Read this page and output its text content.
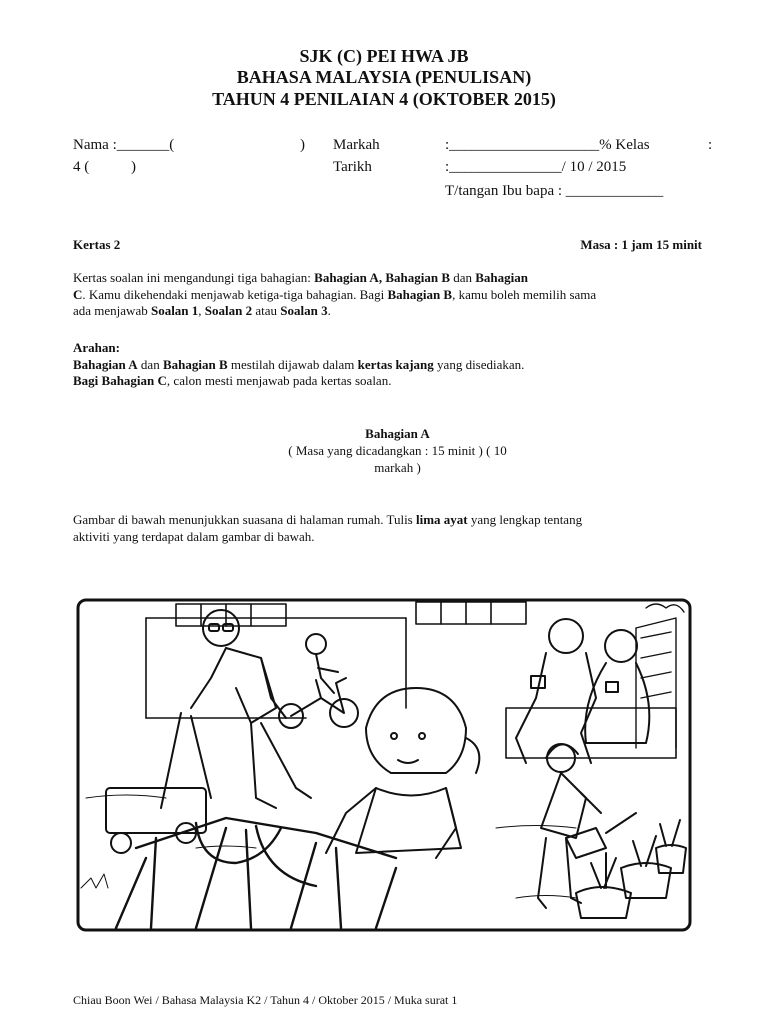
SJK (C) PEI HWA JB
BAHASA MALAYSIA (PENULISAN)
TAHUN 4 PENILAIAN 4 (OKTOBER 2015)
Nama :_______(	) Markah	:____________________% Kelas	:
4 (	)	Tarikh	:_______________/ 10 / 2015
T/tangan Ibu bapa : _____________
Kertas 2	Masa : 1 jam 15 minit
Kertas soalan ini mengandungi tiga bahagian: Bahagian A, Bahagian B dan Bahagian
C. Kamu dikehendaki menjawab ketiga-tiga bahagian. Bagi Bahagian B, kamu boleh memilih sama
ada menjawab Soalan 1, Soalan 2 atau Soalan 3.
Arahan:
Bahagian A dan Bahagian B mestilah dijawab dalam kertas kajang yang disediakan.
Bagi Bahagian C, calon mesti menjawab pada kertas soalan.
Bahagian A
( Masa yang dicadangkan : 15 minit ) ( 10
markah )
Gambar di bawah menunjukkan suasana di halaman rumah. Tulis lima ayat yang lengkap tentang
aktiviti yang terdapat dalam gambar di bawah.
Chiau Boon Wei / Bahasa Malaysia K2 / Tahun 4 / Oktober 2015 / Muka surat 1
